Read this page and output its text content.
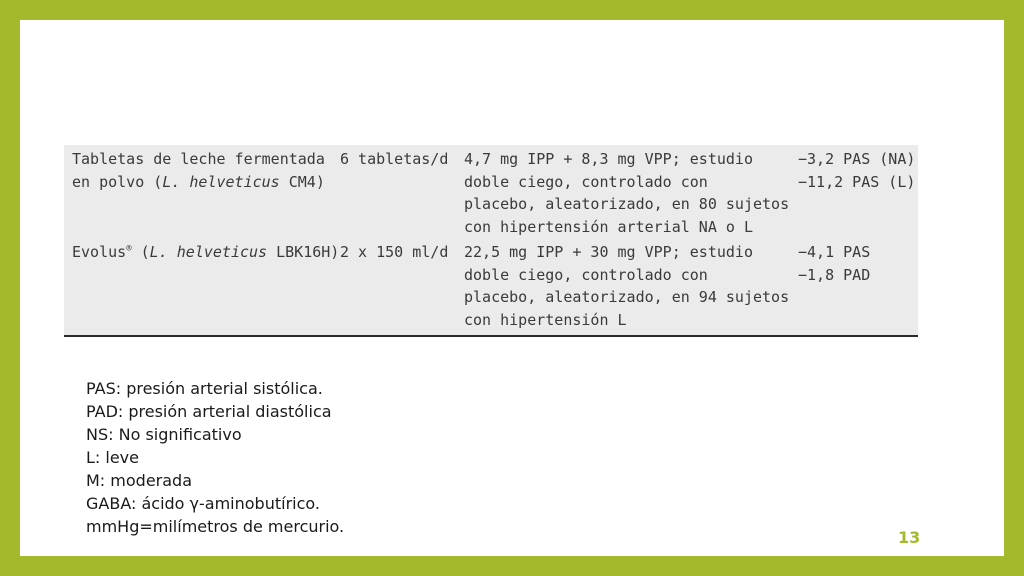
Tabletas de leche fermentada
en polvo (L. helveticus CM4)
6 tabletas/d	4,7 mg IPP + 8,3 mg VPP; estudio
doble ciego, controlado con
placebo, aleatorizado, en 80 sujetos
con hipertensión arterial NA o L
−3,2 PAS (NA)
−11,2 PAS (L)
Evolus® (L. helveticus LBK16H) 2 x 150 ml/d	22,5 mg IPP + 30 mg VPP; estudio
doble ciego, controlado con
placebo, aleatorizado, en 94 sujetos
con hipertensión L
−4,1 PAS
−1,8 PAD
PAS: presión arterial sistólica.
PAD: presión arterial diastólica
NS: No significativo
L: leve
M: moderada
GABA: ácido γ-aminobutírico.
mmHg=milímetros de mercurio.
13
